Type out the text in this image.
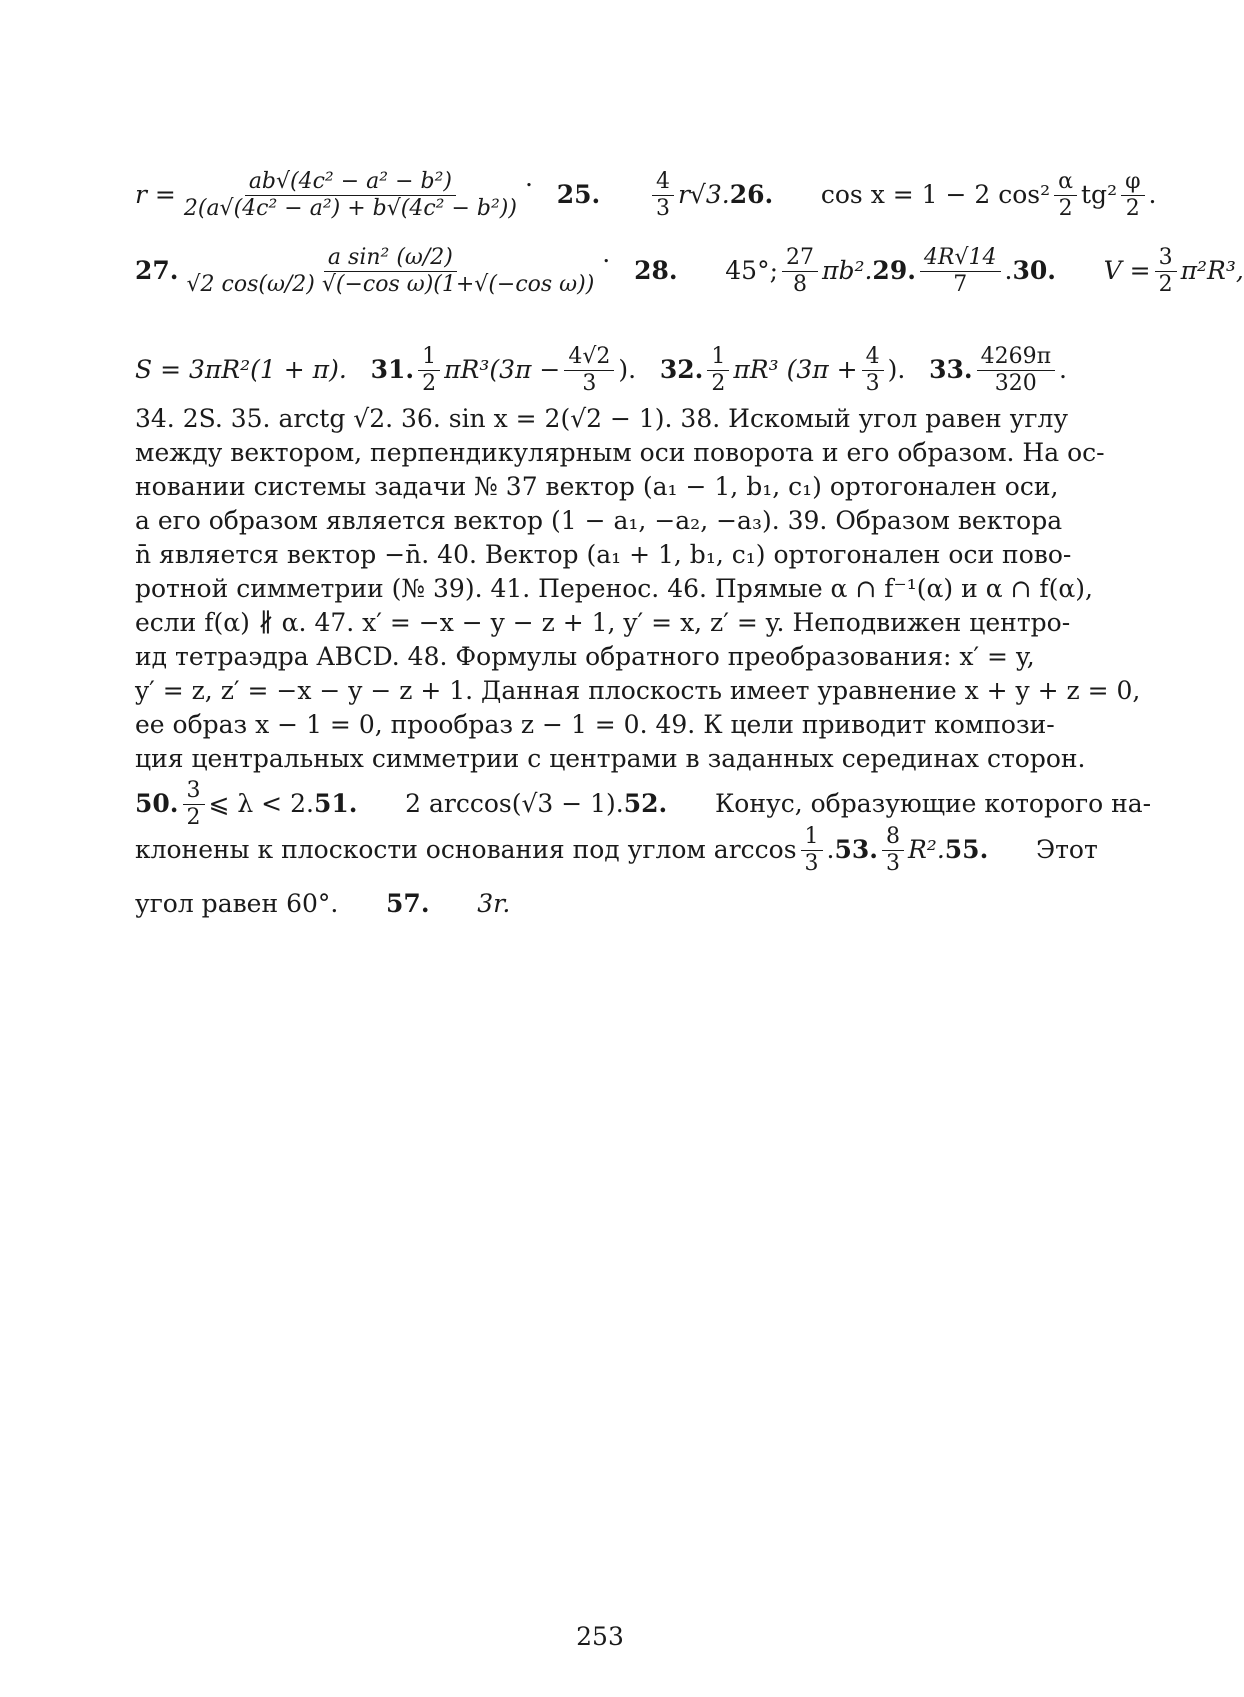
$r = \frac{\text{ab√(4c² − a² − b²)}}{\text{2(a√(4c² − a²) + b√(4c² − b²))}}$ .

25.

$\frac{4}{3} r√3$. 26.

cos x = 1 − 2 $\cos^2 \frac{\alpha}{2} tg^2 \frac{\varphi}{2}$ .
27. $\frac{\text{a sin² (ω/2)}}{\text{√2 cos(ω/2) √(−cos ω)(1+√(−cos ω))}}$ .

28.

45°; $\frac{27}{8} \pi b^2$. 29. $\frac{4R√14}{7}$ . 30.

$V = \frac{3}{2} \pi^2R^3$,
S = 3πR²(1 + π). 31. $\frac{1}{2} \pi R^3(3\pi - \frac{4√2}{3}$ ). 32. $\frac{1}{2} \pi R^3$ ($3\pi + \frac{4}{3}$ ). 33. $\frac{4269\pi}{320}$ .
34. 2S. 35. arctg √2. 36. sin x = 2(√2 − 1). 38. Искомый угол равен углу
между вектором, перпендикулярным оси поворота и его образом. На ос-
новании системы задачи № 37 вектор (a₁ − 1, b₁, c₁) ортогонален оси,
а его образом является вектор (1 − a₁, −a₂, −a₃). 39. Образом вектора
n̄ является вектор −n̄. 40. Вектор (a₁ + 1, b₁, c₁) ортогонален оси пово-
ротной симметрии (№ 39). 41. Перенос. 46. Прямые α ∩ f⁻¹(α) и α ∩ f(α),
если f(α) ∦ α. 47. x′ = −x − y − z + 1, y′ = x, z′ = y. Неподвижен центро-
ид тетраэдра ABCD. 48. Формулы обратного преобразования: x′ = y,
y′ = z, z′ = −x − y − z + 1. Данная плоскость имеет уравнение x + y + z = 0,
ее образ x − 1 = 0, прообраз z − 1 = 0. 49. К цели приводит компози-
ция центральных симметрии с центрами в заданных серединах сторон.
50. $\frac{3}{2}$ ⩽ λ < 2. 51.

2 arccos(√3 − 1). 52.

Конус, образующие которого на-
клонены к плоскости основания под углом $\arccos \frac{1}{3}$ . 53. $\frac{8}{3} R^2$. 55.

Этот
угол равен 60°.

57.

3r.
253
